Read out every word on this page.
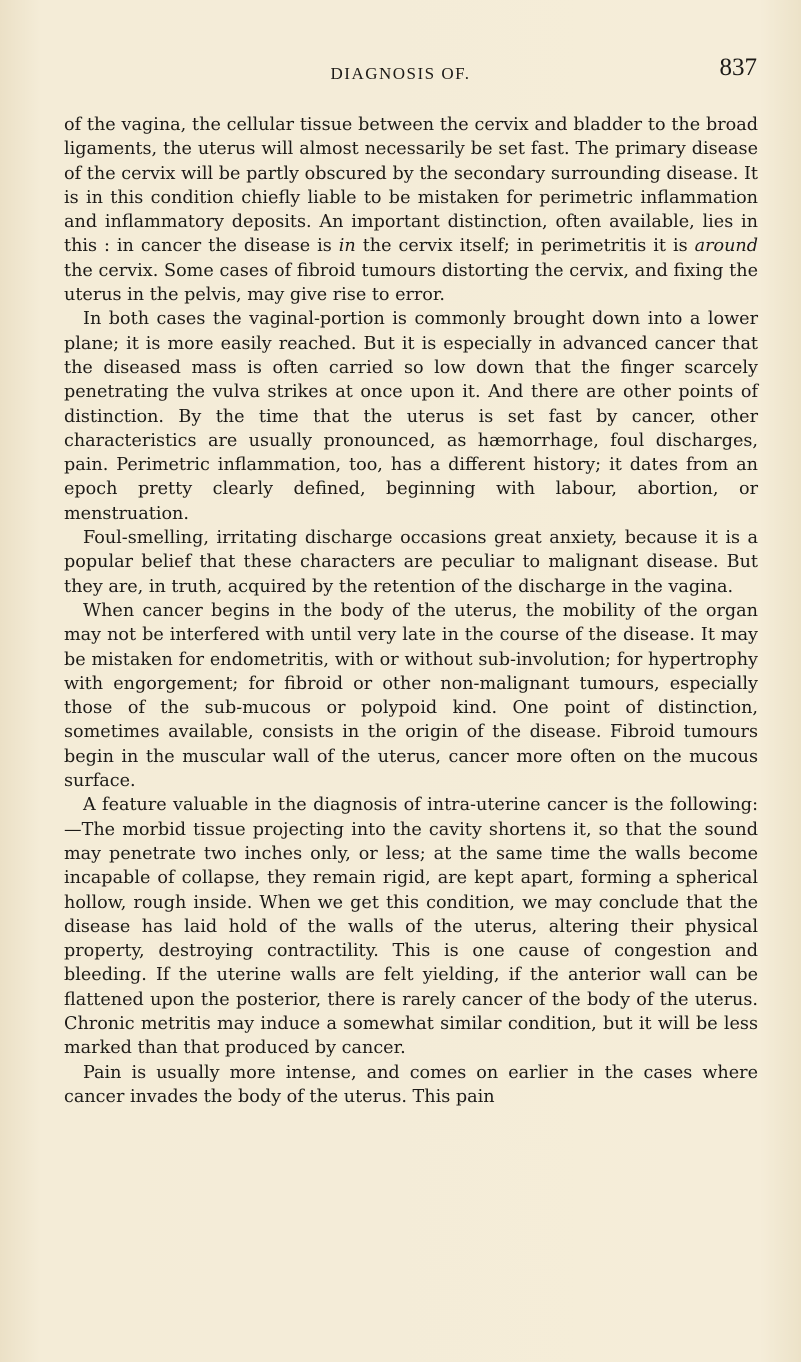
DIAGNOSIS OF.	837

of the vagina, the cellular tissue between the cervix and bladder to the broad ligaments, the uterus will almost necessarily be set fast. The primary disease of the cervix will be partly obscured by the secondary surrounding disease. It is in this condition chiefly liable to be mistaken for perimetric inflammation and inflammatory deposits. An important distinction, often available, lies in this : in cancer the disease is in the cervix itself; in perimetritis it is around the cervix. Some cases of fibroid tumours distorting the cervix, and fixing the uterus in the pelvis, may give rise to error.

In both cases the vaginal-portion is commonly brought down into a lower plane; it is more easily reached. But it is especially in advanced cancer that the diseased mass is often carried so low down that the finger scarcely penetrating the vulva strikes at once upon it. And there are other points of distinction. By the time that the uterus is set fast by cancer, other characteristics are usually pronounced, as hæmorrhage, foul discharges, pain. Perimetric inflammation, too, has a different history; it dates from an epoch pretty clearly defined, beginning with labour, abortion, or menstruation.

Foul-smelling, irritating discharge occasions great anxiety, because it is a popular belief that these characters are peculiar to malignant disease. But they are, in truth, acquired by the retention of the discharge in the vagina.

When cancer begins in the body of the uterus, the mobility of the organ may not be interfered with until very late in the course of the disease. It may be mistaken for endometritis, with or without sub-involution; for hypertrophy with engorgement; for fibroid or other non-malignant tumours, especially those of the sub-mucous or polypoid kind. One point of distinction, sometimes available, consists in the origin of the disease. Fibroid tumours begin in the muscular wall of the uterus, cancer more often on the mucous surface.

A feature valuable in the diagnosis of intra-uterine cancer is the following:—The morbid tissue projecting into the cavity shortens it, so that the sound may penetrate two inches only, or less; at the same time the walls become incapable of collapse, they remain rigid, are kept apart, forming a spherical hollow, rough inside. When we get this condition, we may conclude that the disease has laid hold of the walls of the uterus, altering their physical property, destroying contractility. This is one cause of congestion and bleeding. If the uterine walls are felt yielding, if the anterior wall can be flattened upon the posterior, there is rarely cancer of the body of the uterus. Chronic metritis may induce a somewhat similar condition, but it will be less marked than that produced by cancer.

Pain is usually more intense, and comes on earlier in the cases where cancer invades the body of the uterus. This pain
